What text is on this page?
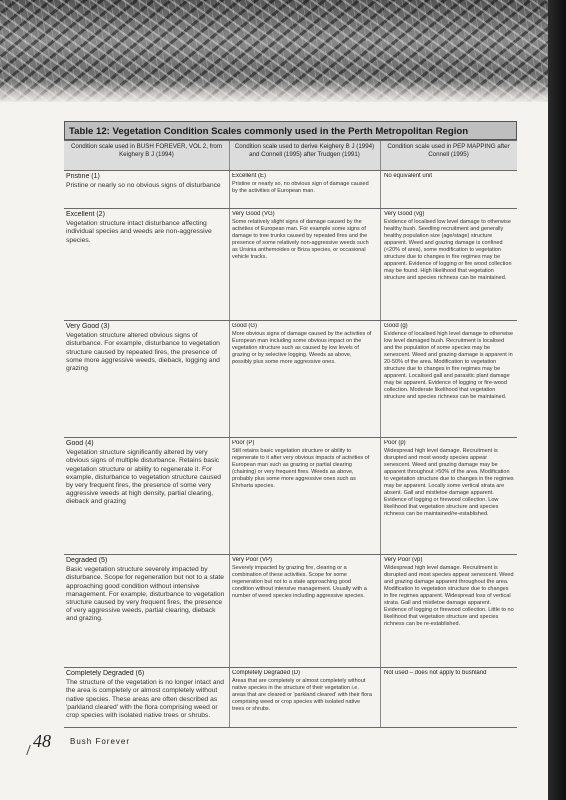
Table 12: Vegetation Condition Scales commonly used in the Perth Metropolitan Region
Condition scale used in BUSH FOREVER, VOL 2, from Keighery B J (1994)
Condition scale used to derive Keighery B J (1994) and Connell (1995) after Trudgen (1991)
Condition scale used in PEP MAPPING after Connell (1995)
Pristine (1)
Pristine or nearly so no obvious signs of disturbance
Excellent (E)
Pristine or nearly so, no obvious sign of damage caused by the activities of European man.
No equivalent unit
Excellent (2)
Vegetation structure intact disturbance affecting individual species and weeds are non-aggressive species.
Very Good (VG)
Some relatively slight signs of damage caused by the activities of European man. For example some signs of damage to tree trunks caused by repeated fires and the presence of some relatively non-aggressive weeds such as Ursinia anthemoides or Briza species, or occasional vehicle tracks.
Very Good (vg)
Evidence of localised low level damage to otherwise healthy bush. Seedling recruitment and generally healthy population size (age/stage) structure apparent. Weed and grazing damage is confined (<20% of area), some modification to vegetation structure due to changes in fire regimes may be apparent. Evidence of logging or fire wood collection may be found. High likelihood that vegetation structure and species richness can be maintained.
Very Good (3)
Vegetation structure altered obvious signs of disturbance. For example, disturbance to vegetation structure caused by repeated fires, the presence of some more aggressive weeds, dieback, logging and grazing
Good (G)
More obvious signs of damage caused by the activities of European man including some obvious impact on the vegetation structure such as caused by low levels of grazing or by selective logging. Weeds as above, possibly plus some more aggressive ones.
Good (g)
Evidence of localised high level damage to otherwise low level damaged bush. Recruitment is localised and the population of some species may be senescent. Weed and grazing damage is apparent in 20-50% of the area. Modification to vegetation structure due to changes in fire regimes may be apparent. Localised gall and parasitic plant damage may be apparent. Evidence of logging or fire-wood collection. Moderate likelihood that vegetation structure and species richness can be maintained.
Good (4)
Vegetation structure significantly altered by very obvious signs of multiple disturbance. Retains basic vegetation structure or ability to regenerate it. For example, disturbance to vegetation structure caused by very frequent fires, the presence of some very aggressive weeds at high density, partial clearing, dieback and grazing
Poor (P)
Still retains basic vegetation structure or ability to regenerate to it after very obvious impacts of activities of European man such as grazing or partial clearing (chaining) or very frequent fires. Weeds as above, probably plus some more aggressive ones such as Ehrharta species.
Poor (p)
Widespread high level damage. Recruitment is disrupted and most woody species appear senescent. Weed and grazing damage may be apparent throughout >50% of the area. Modification to vegetation structure due to changes in fire regimes may be apparent. Locally some vertical strata are absent. Gall and mistletoe damage apparent. Evidence of logging or firewood collection. Low likelihood that vegetation structure and species richness can be maintained/re-established.
Degraded (5)
Basic vegetation structure severely impacted by disturbance. Scope for regeneration but not to a state approaching good condition without intensive management. For example, disturbance to vegetation structure caused by very frequent fires, the presence of very aggressive weeds, partial clearing, dieback and grazing.
Very Poor (VP)
Severely impacted by grazing fire, clearing or a combination of these activities. Scope for some regeneration but not to a state approaching good condition without intensive management. Usually with a number of weed species including aggressive species.
Very Poor (vp)
Widespread high level damage. Recruitment is disrupted and most species appear senescent. Weed and grazing damage apparent throughout the area. Modification to vegetation structure due to changes in fire regimes apparent. Widespread loss of vertical strata. Gall and mistletoe damage apparent. Evidence of logging or firewood collection. Little to no likelihood that vegetation structure and species richness can be re-established.
Completely Degraded (6)
The structure of the vegetation is no longer intact and the area is completely or almost completely without native species. These areas are often described as 'parkland cleared' with the flora comprising weed or crop species with isolated native trees or shrubs.
Completely Degraded (D)
Areas that are completely or almost completely without native species in the structure of their vegetation i.e. areas that are cleared or 'parkland cleared' with their flora comprising weed or crop species with isolated native trees or shrubs.
Not used – does not apply to bushland
48 Bush Forever
